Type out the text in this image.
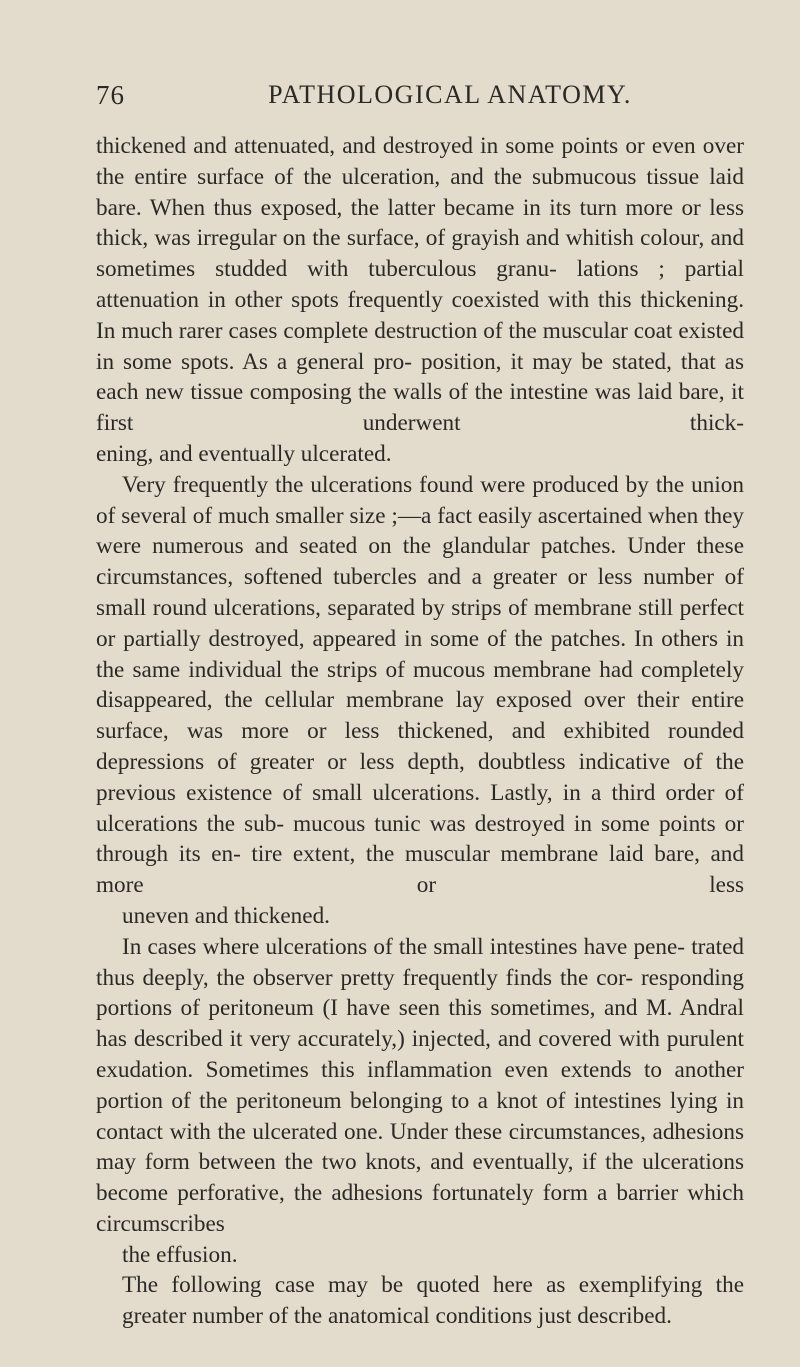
76	PATHOLOGICAL ANATOMY.

thickened and attenuated, and destroyed in some points or even over the entire surface of the ulceration, and the submucous tissue laid bare. When thus exposed, the latter became in its turn more or less thick, was irregular on the surface, of grayish and whitish colour, and sometimes studded with tuberculous granu- lations ; partial attenuation in other spots frequently coexisted with this thickening. In much rarer cases complete destruction of the muscular coat existed in some spots. As a general pro- position, it may be stated, that as each new tissue composing the walls of the intestine was laid bare, it first underwent thick-
ening, and eventually ulcerated.

Very frequently the ulcerations found were produced by the union of several of much smaller size ;—a fact easily ascertained when they were numerous and seated on the glandular patches. Under these circumstances, softened tubercles and a greater or less number of small round ulcerations, separated by strips of membrane still perfect or partially destroyed, appeared in some of the patches. In others in the same individual the strips of mucous membrane had completely disappeared, the cellular membrane lay exposed over their entire surface, was more or less thickened, and exhibited rounded depressions of greater or less depth, doubtless indicative of the previous existence of small ulcerations. Lastly, in a third order of ulcerations the sub- mucous tunic was destroyed in some points or through its en- tire extent, the muscular membrane laid bare, and more or less
uneven and thickened.

In cases where ulcerations of the small intestines have pene- trated thus deeply, the observer pretty frequently finds the cor- responding portions of peritoneum (I have seen this sometimes, and M. Andral has described it very accurately,) injected, and covered with purulent exudation. Sometimes this inflammation even extends to another portion of the peritoneum belonging to a knot of intestines lying in contact with the ulcerated one. Under these circumstances, adhesions may form between the two knots, and eventually, if the ulcerations become perforative, the adhesions fortunately form a barrier which circumscribes
the effusion.

The following case may be quoted here as exemplifying the
greater number of the anatomical conditions just described.
